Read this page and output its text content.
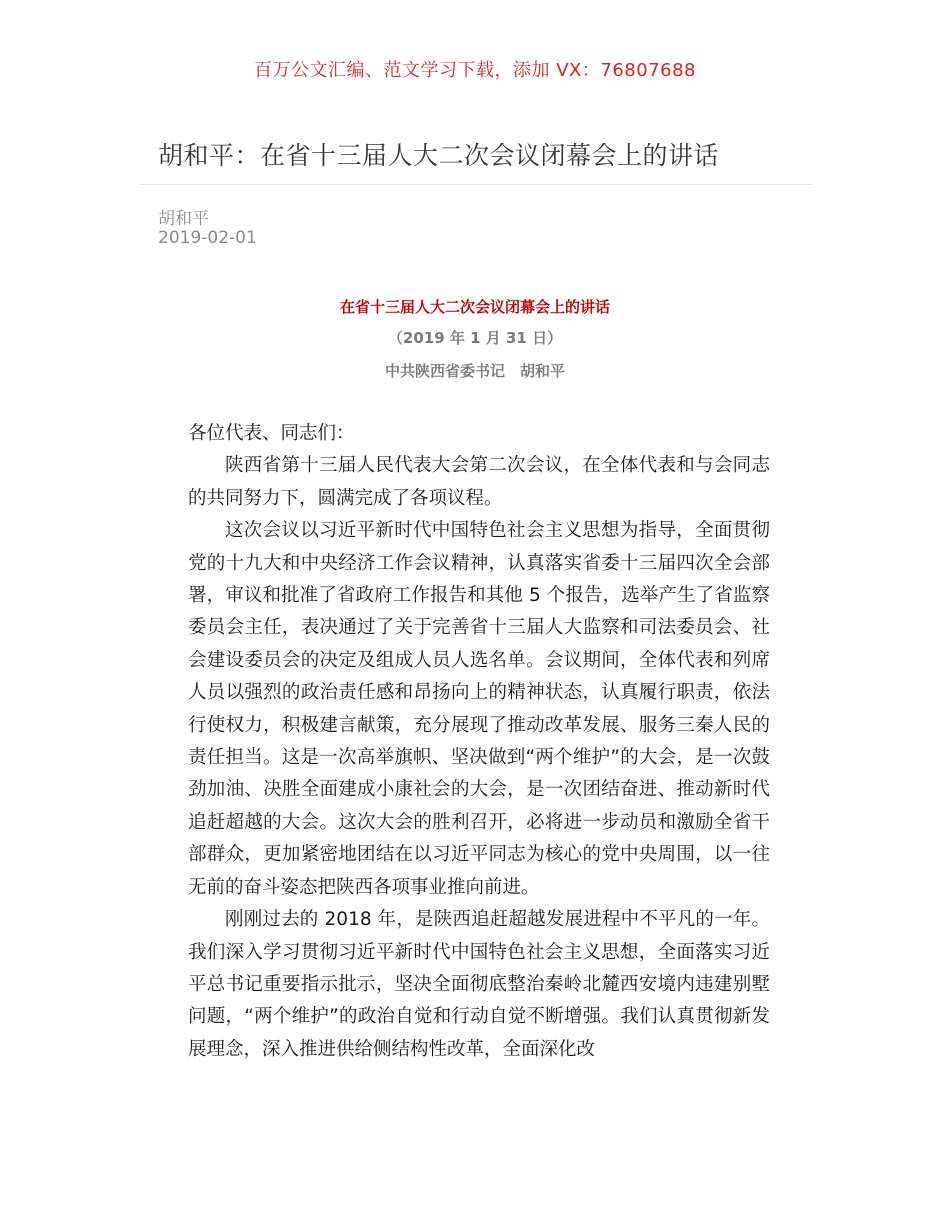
百万公文汇编、范文学习下载，添加 VX：76807688
胡和平：在省十三届人大二次会议闭幕会上的讲话
胡和平
2019-02-01
在省十三届人大二次会议闭幕会上的讲话
（2019 年 1 月 31 日）
中共陕西省委书记　胡和平

各位代表、同志们：

陕西省第十三届人民代表大会第二次会议，在全体代表和与会同志的共同努力下，圆满完成了各项议程。

这次会议以习近平新时代中国特色社会主义思想为指导，全面贯彻党的十九大和中央经济工作会议精神，认真落实省委十三届四次全会部署，审议和批准了省政府工作报告和其他 5 个报告，选举产生了省监察委员会主任，表决通过了关于完善省十三届人大监察和司法委员会、社会建设委员会的决定及组成人员人选名单。会议期间，全体代表和列席人员以强烈的政治责任感和昂扬向上的精神状态，认真履行职责，依法行使权力，积极建言献策，充分展现了推动改革发展、服务三秦人民的责任担当。这是一次高举旗帜、坚决做到“两个维护”的大会，是一次鼓劲加油、决胜全面建成小康社会的大会，是一次团结奋进、推动新时代追赶超越的大会。这次大会的胜利召开，必将进一步动员和激励全省干部群众，更加紧密地团结在以习近平同志为核心的党中央周围，以一往无前的奋斗姿态把陕西各项事业推向前进。

刚刚过去的 2018 年，是陕西追赶超越发展进程中不平凡的一年。我们深入学习贯彻习近平新时代中国特色社会主义思想，全面落实习近平总书记重要指示批示，坚决全面彻底整治秦岭北麓西安境内违建别墅问题，“两个维护”的政治自觉和行动自觉不断增强。我们认真贯彻新发展理念，深入推进供给侧结构性改革，全面深化改
